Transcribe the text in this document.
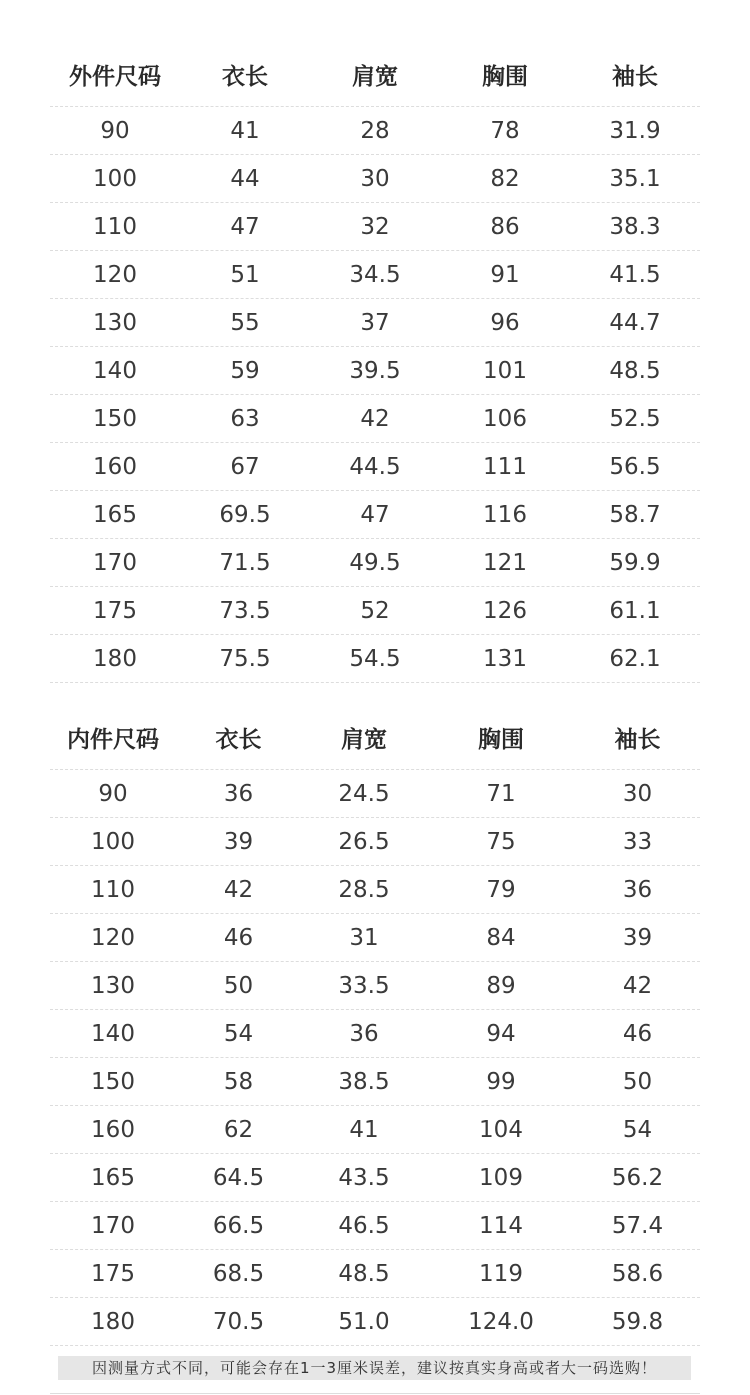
外件尺码	衣长	肩宽	胸围	袖长
90	41	28	78	31.9
100	44	30	82	35.1
110	47	32	86	38.3
120	51	34.5	91	41.5
130	55	37	96	44.7
140	59	39.5	101	48.5
150	63	42	106	52.5
160	67	44.5	111	56.5
165	69.5	47	116	58.7
170	71.5	49.5	121	59.9
175	73.5	52	126	61.1
180	75.5	54.5	131	62.1
内件尺码	衣长	肩宽	胸围	袖长
90	36	24.5	71	30
100	39	26.5	75	33
110	42	28.5	79	36
120	46	31	84	39
130	50	33.5	89	42
140	54	36	94	46
150	58	38.5	99	50
160	62	41	104	54
165	64.5	43.5	109	56.2
170	66.5	46.5	114	57.4
175	68.5	48.5	119	58.6
180	70.5	51.0	124.0	59.8
因测量方式不同，可能会存在1一3厘米误差，建议按真实身高或者大一码选购！
